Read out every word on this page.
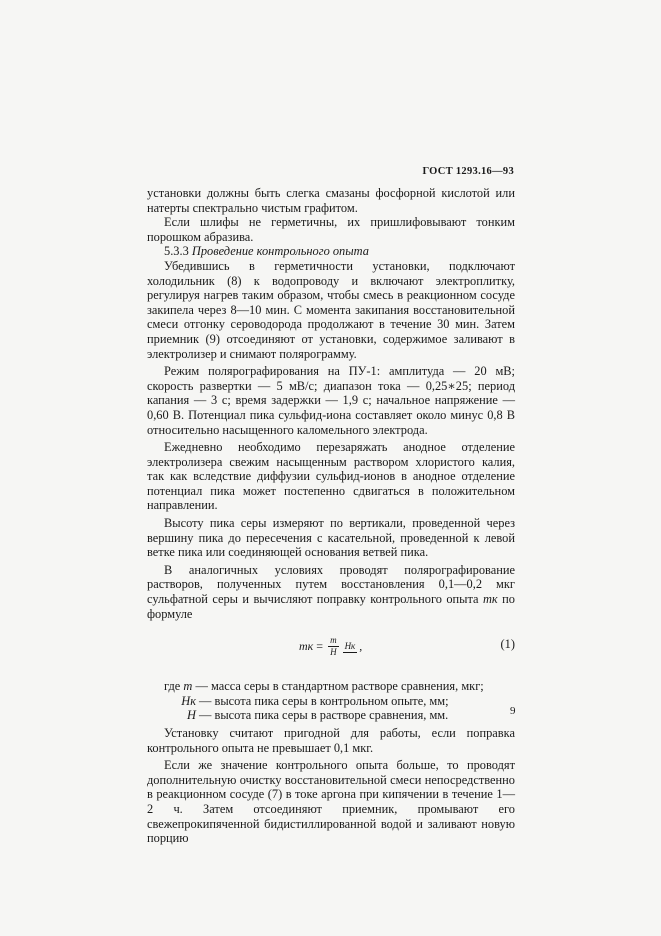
ГОСТ 1293.16—93

установки должны быть слегка смазаны фосфорной кислотой или натерты спектрально чистым графитом.

Если шлифы не герметичны, их пришлифовывают тонким порошком абразива.

5.3.3 Проведение контрольного опыта

Убедившись в герметичности установки, подключают холодильник (8) к водопроводу и включают электроплитку, регулируя нагрев таким образом, чтобы смесь в реакционном сосуде закипела через 8—10 мин. С момента закипания восстановительной смеси отгонку сероводорода продолжают в течение 30 мин. Затем приемник (9) отсоединяют от установки, содержимое заливают в электролизер и снимают полярограмму.

Режим полярографирования на ПУ-1: амплитуда — 20 мВ; скорость развертки — 5 мВ/с; диапазон тока — 0,25∗25; период капания — 3 с; время задержки — 1,9 с; начальное напряжение — 0,60 В. Потенциал пика сульфид-иона составляет около минус 0,8 В относительно насыщенного каломельного электрода.

Ежедневно необходимо перезаряжать анодное отделение электролизера свежим насыщенным раствором хлористого калия, так как вследствие диффузии сульфид-ионов в анодное отделение потенциал пика может постепенно сдвигаться в положительном направлении.

Высоту пика серы измеряют по вертикали, проведенной через вершину пика до пересечения с касательной, проведенной к левой ветке пика или соединяющей основания ветвей пика.

В аналогичных условиях проводят полярографирование растворов, полученных путем восстановления 0,1—0,2 мкг сульфатной серы и вычисляют поправку контрольного опыта mк по формуле

mк = $\frac{m}{H}$ Hк ,	(1)
где m — масса серы в стандартном растворе сравнения, мкг;
Hк — высота пика серы в контрольном опыте, мм;
H — высота пика серы в растворе сравнения, мм.

Установку считают пригодной для работы, если поправка контрольного опыта не превышает 0,1 мкг.

Если же значение контрольного опыта больше, то проводят дополнительную очистку восстановительной смеси непосредственно в реакционном сосуде (7) в токе аргона при кипячении в течение 1—2 ч. Затем отсоединяют приемник, промывают его свежепрокипяченной бидистиллированной водой и заливают новую порцию

9
